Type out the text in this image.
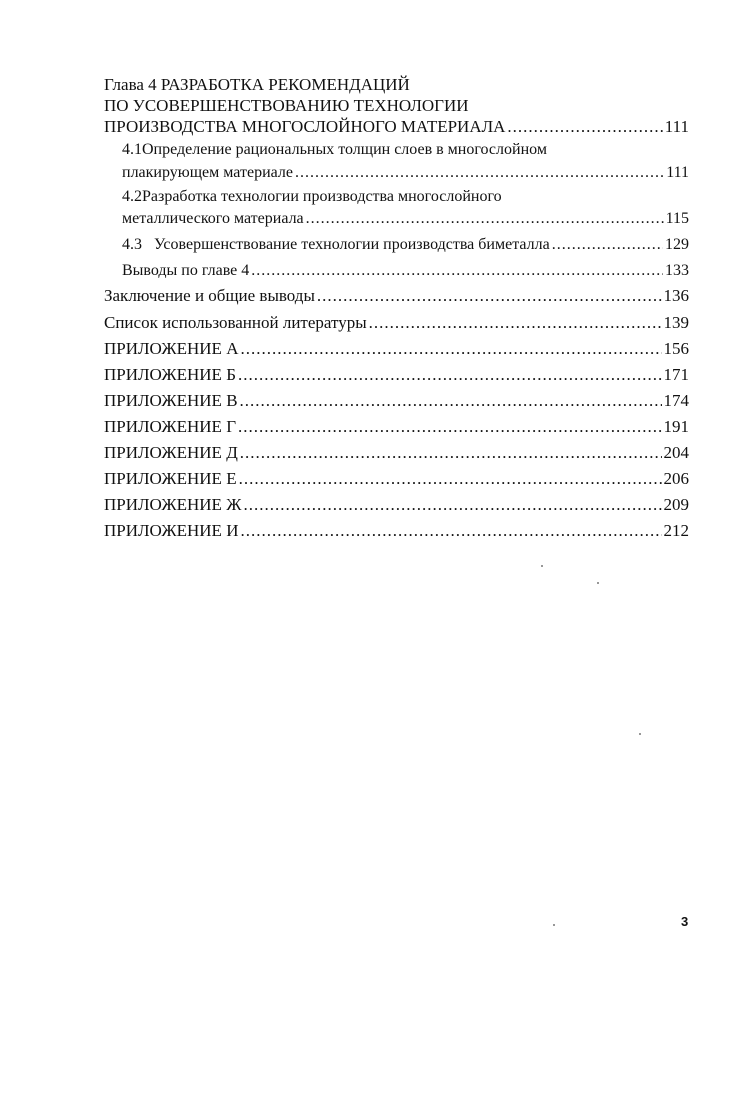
Глава 4 РАЗРАБОТКА РЕКОМЕНДАЦИЙ
ПО УСОВЕРШЕНСТВОВАНИЮ ТЕХНОЛОГИИ
ПРОИЗВОДСТВА МНОГОСЛОЙНОГО МАТЕРИАЛА .....	111
4.1Определение рациональных толщин слоев в многослойном
плакирующем материале .....	111
4.2Разработка технологии производства многослойного
металлического материала .....	115
4.3 Усовершенствование технологии производства биметалла .....	129
Выводы по главе 4 .....	133
Заключение и общие выводы .....	136
Список использованной литературы .....	139
ПРИЛОЖЕНИЕ А .....	156
ПРИЛОЖЕНИЕ Б .....	171
ПРИЛОЖЕНИЕ В .....	174
ПРИЛОЖЕНИЕ Г .....	191
ПРИЛОЖЕНИЕ Д .....	204
ПРИЛОЖЕНИЕ Е .....	206
ПРИЛОЖЕНИЕ Ж .....	209
ПРИЛОЖЕНИЕ И .....	212
3
